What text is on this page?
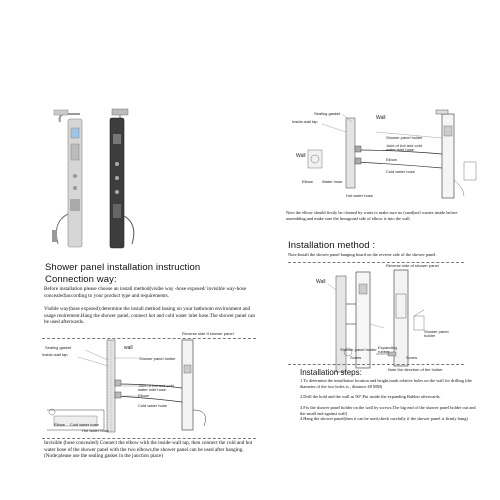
Shower panel installation instruction
Connection way:
Before installation please choose an install method(visibe way -hose exposed/ invisible way-hose concealed)according to your product type and requirements.
Visible way(hose exposed):determine the install method basing on your bathroom environment and usage reuirement.Hang the shower panel, connect hot and cold water inlet hose.The shower panel can be used afterwards.
Reverse side If shower panel
Sealing gasket
Inside-wall tap
wall
Shower panel holder
Joint of hot and cold water inlet hose
Elbow
Cold water hose
Elbow Cold water hose
Hot water hose
Invisible (hose concealed) Connect the elbow with the inside-wall tap, then connect the cold and hot water hose of the shower panel with the two elbows,the shower panel can be used after hanging.(Node:please use the sealing gasket in the junction place)
Sealing gasket
Inside-wall tap
Wall
Shower panel holder
Joint of hot and cold water inlet hose
Wall
Elbow
Cold water hose
Elbow Water hose
Hot water hose
Note the elbow should firstly be cleaned by water to make sure no (sand)soil wastes inside before assembling,and make sure the hexagonal side of elbow is into the wall.
Installation method :
Note:Install the shower panel hanging board on the reverse side of the shower panel.
Reverse side of shower panel
Wall
Shower panel holder Expanding rubber
Shower panel holder
Screw	Screw
Note the direction of the holder
Installation steps:
1.To determine the installation location and height,mark relative holes on the wall for drilling (the diameter of the two holes is , distance 48 MM)
2.Drill the hold and the wall as 90°,Put inside the expanding Rubber afterwards.
3.Fix the shower panel holder on the wall by screws,The big end of the shower panel holder out and the small end against wall)
4.Hang the shower panel(then it can be used,check carefully if the shower panel is firmly hung)
